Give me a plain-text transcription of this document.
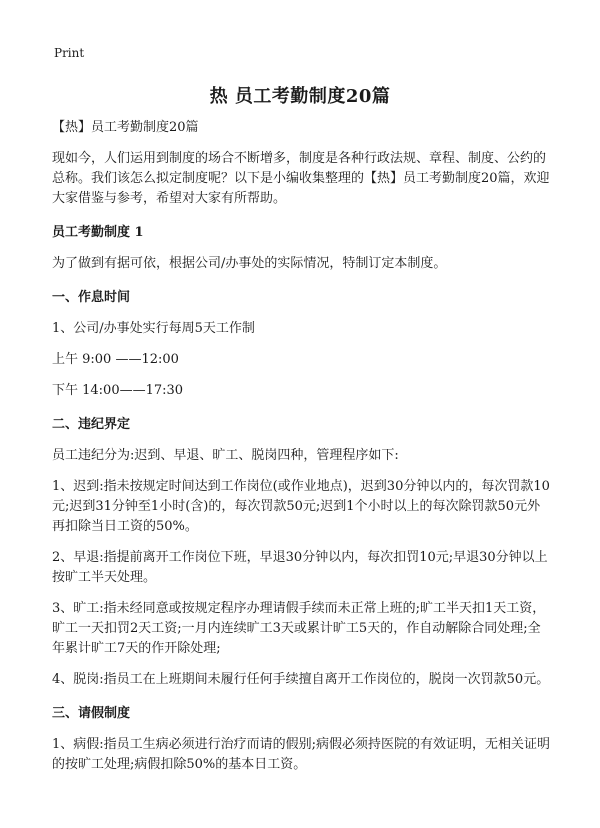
Print
热 员工考勤制度20篇

【热】员工考勤制度20篇

现如今，人们运用到制度的场合不断增多，制度是各种行政法规、章程、制度、公约的总称。我们该怎么拟定制度呢？以下是小编收集整理的【热】员工考勤制度20篇，欢迎大家借鉴与参考，希望对大家有所帮助。

员工考勤制度 1

为了做到有据可依，根据公司/办事处的实际情况，特制订定本制度。

一、作息时间

1、公司/办事处实行每周5天工作制

上午 9:00 ——12:00

下午 14:00——17:30

二、违纪界定

员工违纪分为:迟到、早退、旷工、脱岗四种，管理程序如下:

1、迟到:指未按规定时间达到工作岗位(或作业地点)，迟到30分钟以内的，每次罚款10元;迟到31分钟至1小时(含)的，每次罚款50元;迟到1个小时以上的每次除罚款50元外再扣除当日工资的50%。

2、早退:指提前离开工作岗位下班，早退30分钟以内，每次扣罚10元;早退30分钟以上按旷工半天处理。

3、旷工:指未经同意或按规定程序办理请假手续而未正常上班的;旷工半天扣1天工资，旷工一天扣罚2天工资;一月内连续旷工3天或累计旷工5天的，作自动解除合同处理;全年累计旷工7天的作开除处理;

4、脱岗:指员工在上班期间未履行任何手续擅自离开工作岗位的，脱岗一次罚款50元。

三、请假制度

1、病假:指员工生病必须进行治疗而请的假别;病假必须持医院的有效证明，无相关证明的按旷工处理;病假扣除50%的基本日工资。
